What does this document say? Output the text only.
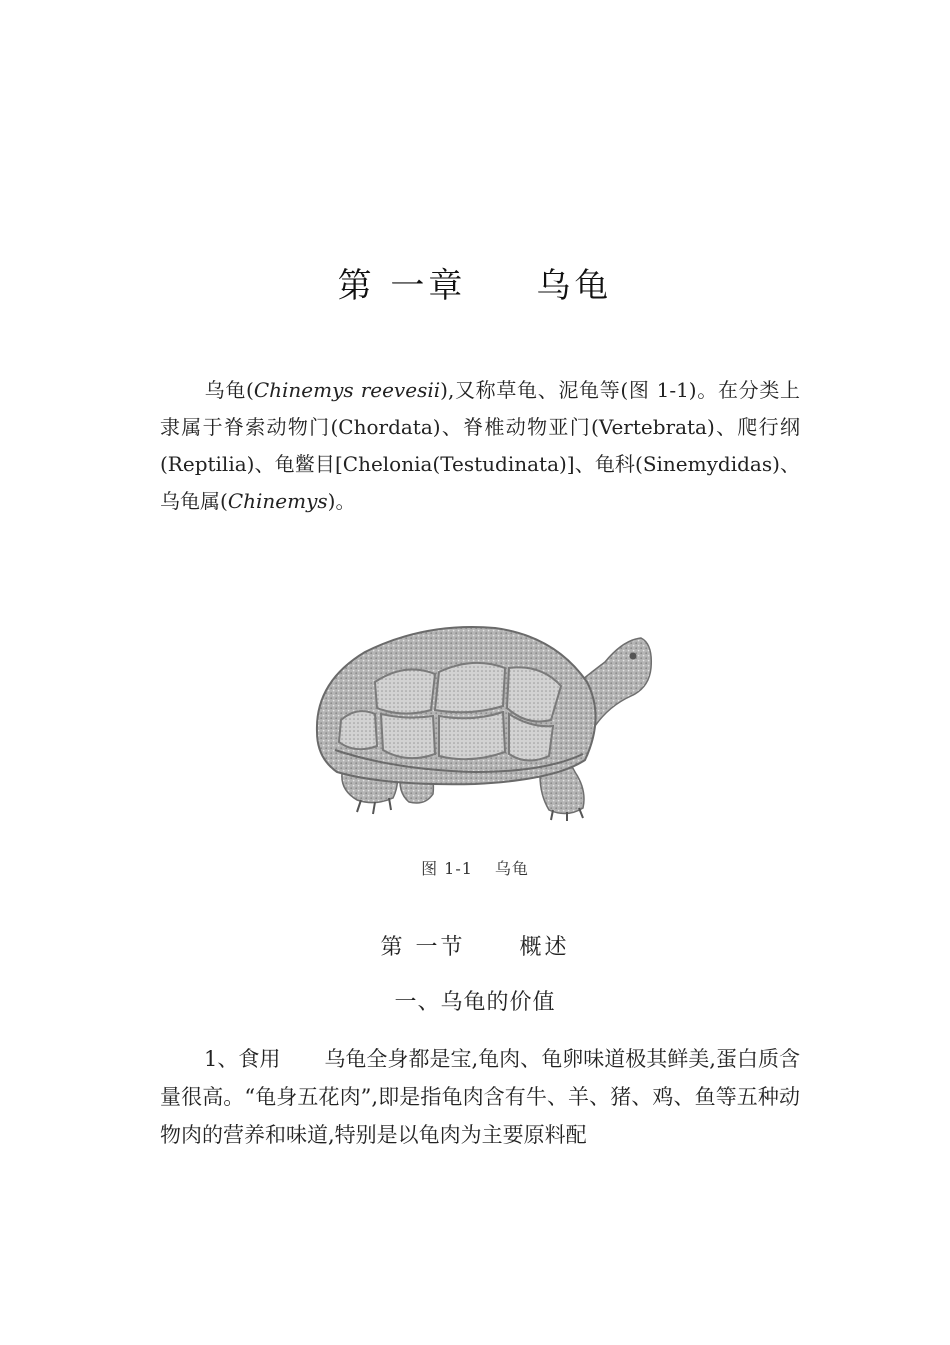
第 一章 乌龟
乌龟(Chinemys reevesii),又称草龟、泥龟等(图 1-1)。在分类上隶属于脊索动物门(Chordata)、脊椎动物亚门(Vertebrata)、爬行纲(Reptilia)、龟鳖目[Chelonia(Testudinata)]、龟科(Sinemydidas)、乌龟属(Chinemys)。
图 1-1 乌龟
第 一节 概述
一、乌龟的价值
1、食用 乌龟全身都是宝,龟肉、龟卵味道极其鲜美,蛋白质含量很高。“龟身五花肉”,即是指龟肉含有牛、羊、猪、鸡、鱼等五种动物肉的营养和味道,特别是以龟肉为主要原料配
